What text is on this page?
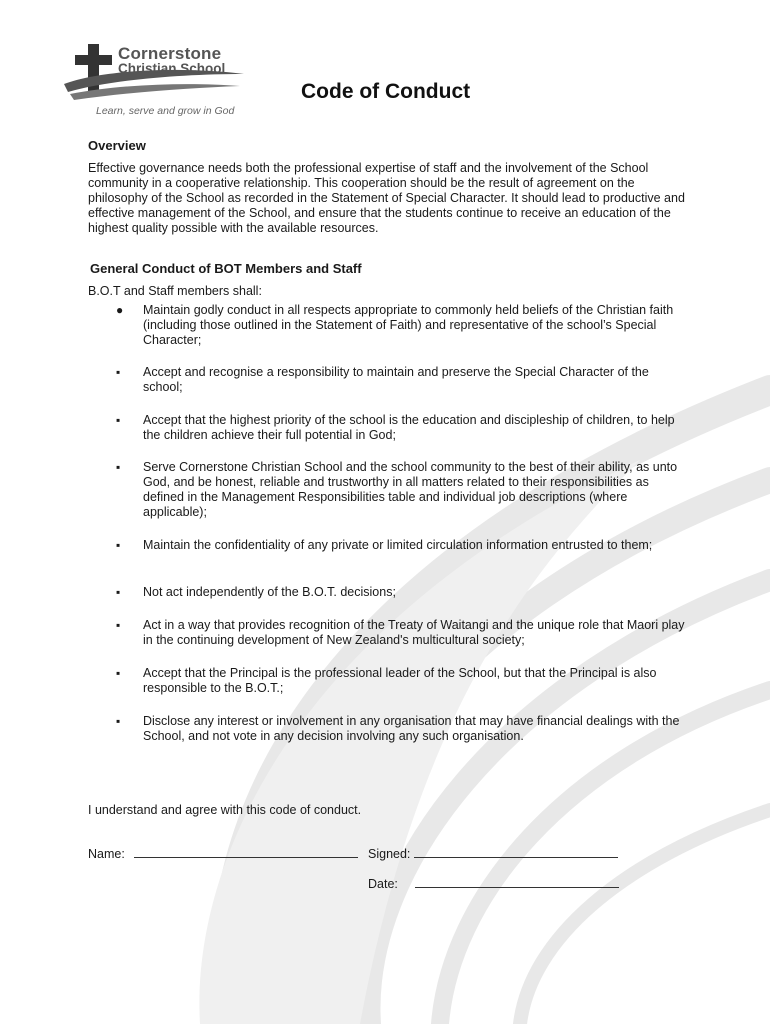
Cornerstone
Christian School
Learn, serve and grow in God
Code of Conduct
Overview
Effective governance needs both the professional expertise of staff and the involvement of the School community in a cooperative relationship. This cooperation should be the result of agreement on the philosophy of the School as recorded in the Statement of Special Character. It should lead to productive and effective management of the School, and ensure that the students continue to receive an education of the highest quality possible with the available resources.
General Conduct of BOT Members and Staff
B.O.T and Staff members shall:
● Maintain godly conduct in all respects appropriate to commonly held beliefs of the Christian faith (including those outlined in the Statement of Faith) and representative of the school’s Special Character;
▪ Accept and recognise a responsibility to maintain and preserve the Special Character of the school;
▪ Accept that the highest priority of the school is the education and discipleship of children, to help the children achieve their full potential in God;
▪ Serve Cornerstone Christian School and the school community to the best of their ability, as unto God, and be honest, reliable and trustworthy in all matters related to their responsibilities as defined in the Management Responsibilities table and individual job descriptions (where applicable);
▪ Maintain the confidentiality of any private or limited circulation information entrusted to them;
▪ Not act independently of the B.O.T. decisions;
▪ Act in a way that provides recognition of the Treaty of Waitangi and the unique role that Maori play in the continuing development of New Zealand's multicultural society;
▪ Accept that the Principal is the professional leader of the School, but that the Principal is also responsible to the B.O.T.;
▪ Disclose any interest or involvement in any organisation that may have financial dealings with the School, and not vote in any decision involving any such organisation.
I understand and agree with this code of conduct.
Name:	Signed:
Date:
